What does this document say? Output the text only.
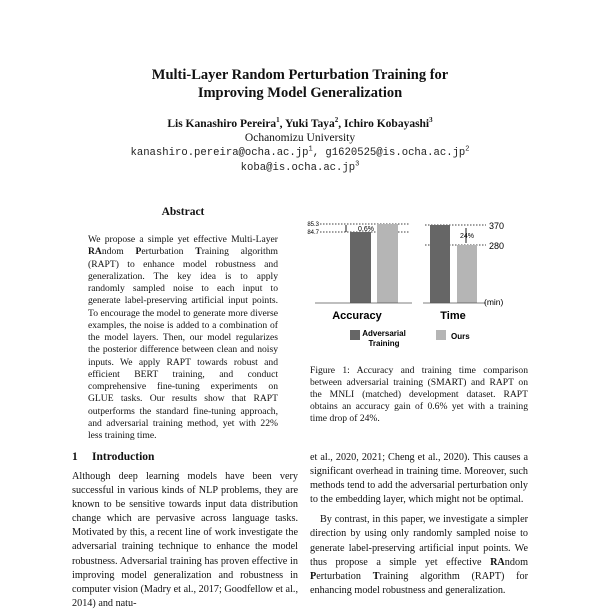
Multi-Layer Random Perturbation Training for
Improving Model Generalization
Lis Kanashiro Pereira$^1$, Yuki Taya$^2$, Ichiro Kobayashi$^3$
Ochanomizu University
$kanashiro.pereira@ocha.ac.jp^1$, $g1620525@is.ocha.ac.jp^2$
$koba@is.ocha.ac.jp^3$
Abstract

We propose a simple yet effective Multi-Layer RAndom Perturbation Training algorithm (RAPT) to enhance model robustness and generalization. The key idea is to apply randomly sampled noise to each input to generate label-preserving artificial input points. To encourage the model to generate more diverse examples, the noise is added to a combination of the model layers. Then, our model regularizes the posterior difference between clean and noisy inputs. We apply RAPT towards robust and efficient BERT training, and conduct comprehensive fine-tuning experiments on GLUE tasks. Our results show that RAPT outperforms the standard fine-tuning approach, and adversarial training method, yet with 22% less training time.

1 Introduction

Although deep learning models have been very successful in various kinds of NLP problems, they are known to be sensitive towards input data distribution change which are pervasive across language tasks. Motivated by this, a recent line of work investigate the adversarial training technique to enhance the model robustness. Adversarial training has proven effective in improving model generalization and robustness in computer vision (Madry et al., 2017; Goodfellow et al., 2014) and natu-

85.3
84.7	0.6%
Accuracy
370
280
(min)
24%
Time
Adversarial
Training
Ours

Figure 1: Accuracy and training time comparison between adversarial training (SMART) and RAPT on the MNLI (matched) development dataset. RAPT obtains an accuracy gain of 0.6% yet with a training time drop of 24%.

et al., 2020, 2021; Cheng et al., 2020). This causes a significant overhead in training time. Moreover, such methods tend to add the adversarial perturbation only to the embedding layer, which might not be optimal.

By contrast, in this paper, we investigate a simpler direction by using only randomly sampled noise to generate label-preserving artificial input points. We thus propose a simple yet effective RAndom Perturbation Training algorithm (RAPT) for enhancing model robustness and generalization.
